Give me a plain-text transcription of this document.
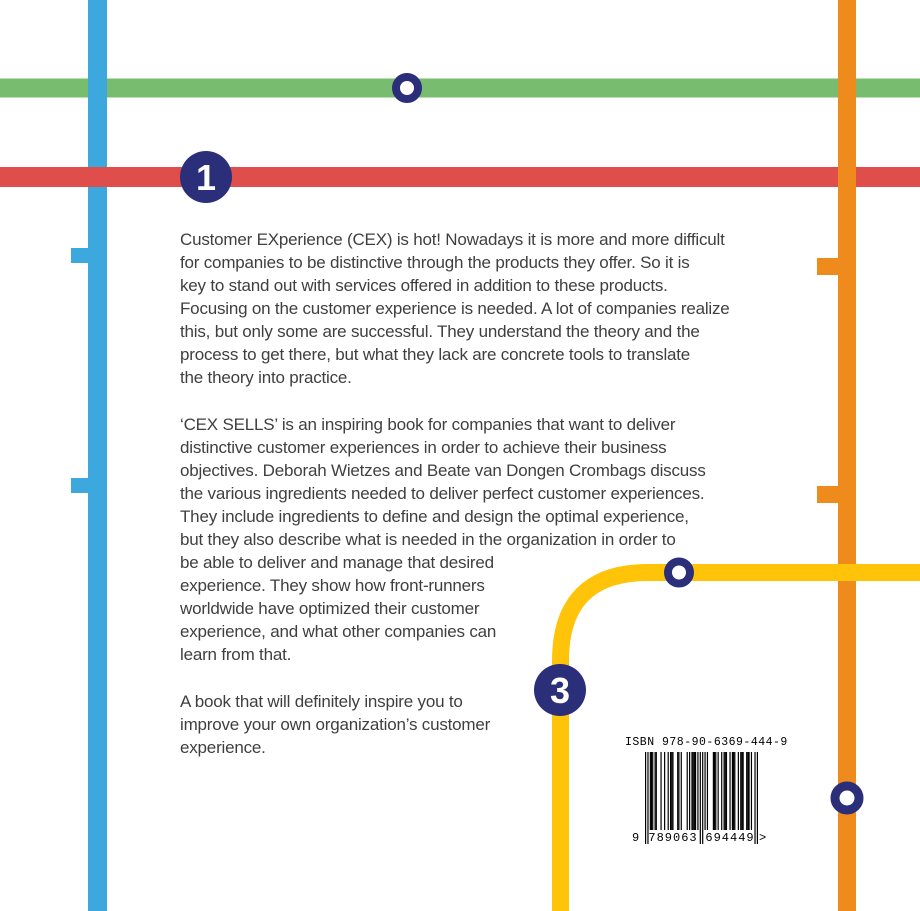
1
3
Customer EXperience (CEX) is hot! Nowadays it is more and more difficult
for companies to be distinctive through the products they offer. So it is
key to stand out with services offered in addition to these products.
Focusing on the customer experience is needed. A lot of companies realize
this, but only some are successful. They understand the theory and the
process to get there, but what they lack are concrete tools to translate
the theory into practice.
‘CEX SELLS’ is an inspiring book for companies that want to deliver
distinctive customer experiences in order to achieve their business
objectives. Deborah Wietzes and Beate van Dongen Crombags discuss
the various ingredients needed to deliver perfect customer experiences.
They include ingredients to define and design the optimal experience,
but they also describe what is needed in the organization in order to
be able to deliver and manage that desired
experience. They show how front-runners
worldwide have optimized their customer
experience, and what other companies can
learn from that.
A book that will definitely inspire you to
improve your own organization’s customer
experience.	ISBN 978-90-6369-444-9
9 789063 694449 >
